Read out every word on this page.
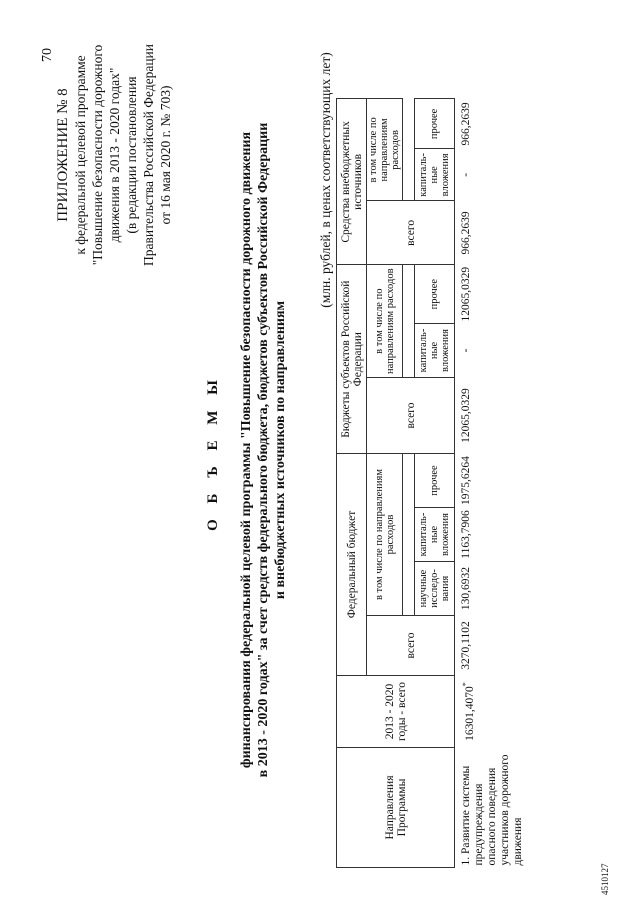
70
ПРИЛОЖЕНИЕ № 8 к федеральной целевой программе "Повышение безопасности дорожного движения в 2013 - 2020 годах" (в редакции постановления Правительства Российской Федерации от 16 мая 2020 г. № 703)
О Б Ъ Е М Ы финансирования федеральной целевой программы "Повышение безопасности дорожного движения в 2013 - 2020 годах" за счет средств федерального бюджета, бюджетов субъектов Российской Федерации и внебюджетных источников по направлениям
(млн. рублей, в ценах соответствующих лет)
Направления Программы	2013 - 2020 годы - всего	Федеральный бюджет				Бюджеты субъектов Российской Федерации			Средства внебюджетных источников		
		всего	в том числе по направлениям расходов			всего	в том числе по направлениям расходов		всего	в том числе по направлениям расходов	

			научные исследо-вания	капиталь-ные вложения	прочее		капиталь-ные вложения	прочее		капиталь-ные вложения	прочее
1. Развитие системы предупреждения опасного поведения участников дорожного движения	16301,4070*	3270,1102	130,6932	1163,7906	1975,6264	12065,0329	-	12065,0329	966,2639	-	966,2639
4510127
